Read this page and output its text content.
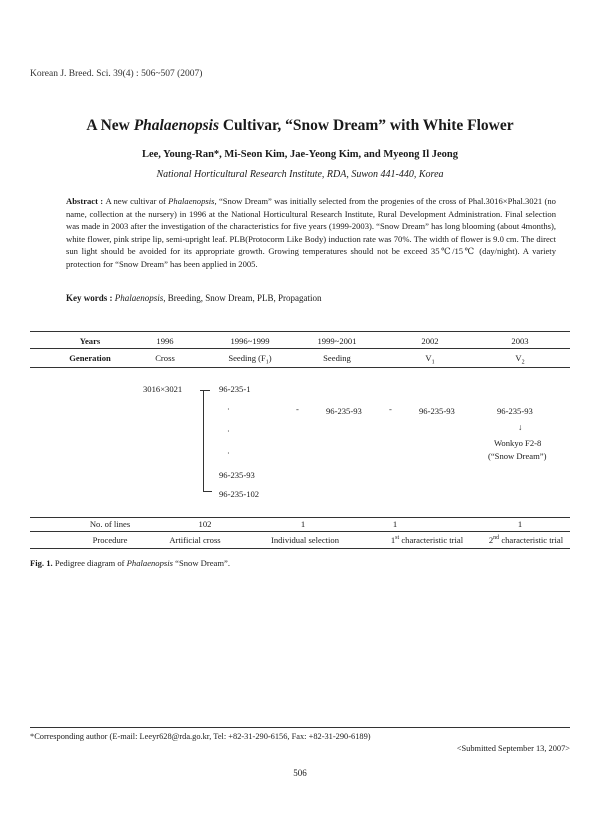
Korean J. Breed. Sci. 39(4) : 506~507 (2007)
A New Phalaenopsis Cultivar, “Snow Dream” with White Flower
Lee, Young-Ran*, Mi-Seon Kim, Jae-Yeong Kim, and Myeong Il Jeong
National Horticultural Research Institute, RDA, Suwon 441-440, Korea
Abstract : A new cultivar of Phalaenopsis, “Snow Dream” was initially selected from the progenies of the cross of Phal.3016×Phal.3021 (no name, collection at the nursery) in 1996 at the National Horticultural Research Institute, Rural Development Administration. Final selection was made in 2003 after the investigation of the characteristics for five years (1999-2003). “Snow Dream” has long blooming (about 4months), white flower, pink stripe lip, semi-upright leaf. PLB(Protocorm Like Body) induction rate was 70%. The width of flower is 9.0 cm. The direct sun light should be avoided for its appropriate growth. Growing temperatures should not be exceed 35℃/15℃ (day/night). A variety protection for “Snow Dream” has been applied in 2005.
Key words : Phalaenopsis, Breeding, Snow Dream, PLB, Propagation
Years	1996	1996~1999	1999~2001	2002	2003
Generation	Cross	Seeding $(F_1)$	Seeding	$V_1$	$V_2$
3016×3021	96-235-1
·
·
·
96-235-93
96-235-102
-	96-235-93	-	96-235-93	96-235-93
↓
Wonkyo F2-8
(“Snow Dream”)
No. of lines	102	1	1	1
Procedure	Artificial cross	Individual selection	1st characteristic trial	2nd characteristic trial
Fig. 1. Pedigree diagram of Phalaenopsis “Snow Dream”.
*Corresponding author (E-mail: Leeyr628@rda.go.kr, Tel: +82-31-290-6156, Fax: +82-31-290-6189)
<Submitted September 13, 2007>
506
